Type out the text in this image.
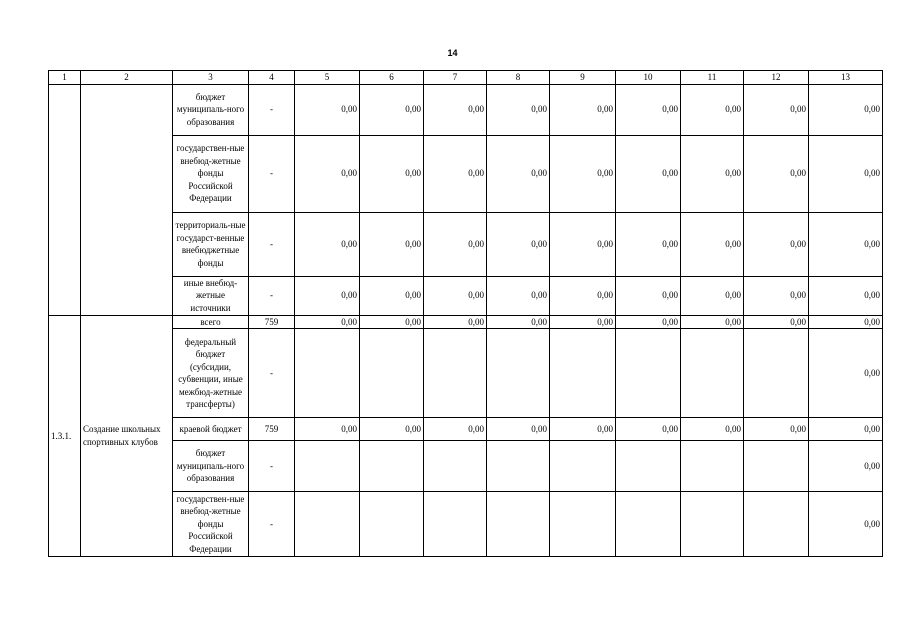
14
1	2	3	4	5	6	7	8	9	10	11	12	13
		бюджет муниципаль-ного образования	-	0,00	0,00	0,00	0,00	0,00	0,00	0,00	0,00	0,00
		государствен-ные внебюд-жетные фонды Российской Федерации	-	0,00	0,00	0,00	0,00	0,00	0,00	0,00	0,00	0,00
		территориаль-ные государст-венные внебюджетные фонды	-	0,00	0,00	0,00	0,00	0,00	0,00	0,00	0,00	0,00
		иные внебюд-жетные источники	-	0,00	0,00	0,00	0,00	0,00	0,00	0,00	0,00	0,00
1.3.1.	Создание школьных спортивных клубов	всего	759	0,00	0,00	0,00	0,00	0,00	0,00	0,00	0,00	0,00
		федеральный бюджет (субсидии, субвенции, иные межбюд-жетные трансферты)	-									0,00
		краевой бюджет	759	0,00	0,00	0,00	0,00	0,00	0,00	0,00	0,00	0,00
		бюджет муниципаль-ного образования	-									0,00
		государствен-ные внебюд-жетные фонды Российской Федерации	-									0,00
